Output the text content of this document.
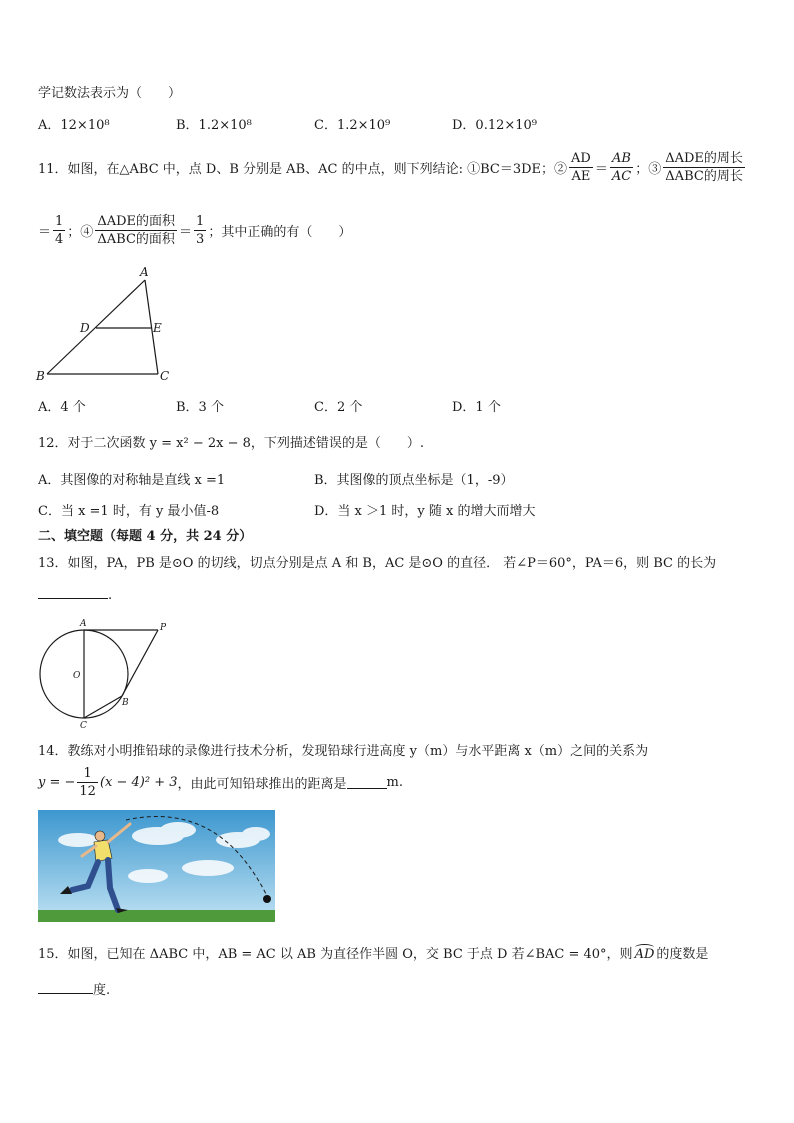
学记数法表示为（　　）
A．12×10⁸	B．1.2×10⁸	C．1.2×10⁹	D．0.12×10⁹
11．如图，在△ABC 中，点 D、B 分别是 AB、AC 的中点，则下列结论: ①BC＝3DE；② $\frac{AD}{AE} = \frac{AB}{AC}$ ；③ $\frac{\text{ΔADE的周长}}{\text{ΔABC的周长}}$
＝ $\frac{1}{4}$ ；④ $\frac{\text{ΔADE的面积}}{\text{ΔABC的面积}} = \frac{1}{3}$ ；其中正确的有（　　）
A
D	E
B	C
A．4 个	B．3 个	C．2 个	D．1 个
12．对于二次函数 y = x² − 2x − 8，下列描述错误的是（　　）.
A．其图像的对称轴是直线 x =1	B．其图像的顶点坐标是（1，-9）
C．当 x =1 时，有 y 最小值-8	D．当 x ＞1 时，y 随 x 的增大而增大
二、填空题（每题 4 分，共 24 分）
13．如图，PA，PB 是⊙O 的切线，切点分别是点 A 和 B，AC 是⊙O 的直径． 若∠P＝60°，PA＝6，则 BC 的长为
.
A	P
O
B
C
14．教练对小明推铅球的录像进行技术分析，发现铅球行进高度 y（m）与水平距离 x（m）之间的关系为
y = − $\frac{1}{12} (x - 4)^2 + 3$ ，由此可知铅球推出的距离是	m.
15．如图，已知在 ΔABC 中，AB = AC 以 AB 为直径作半圆 O，交 BC 于点 D 若∠BAC = 40°，则 AD 的度数是
度.
